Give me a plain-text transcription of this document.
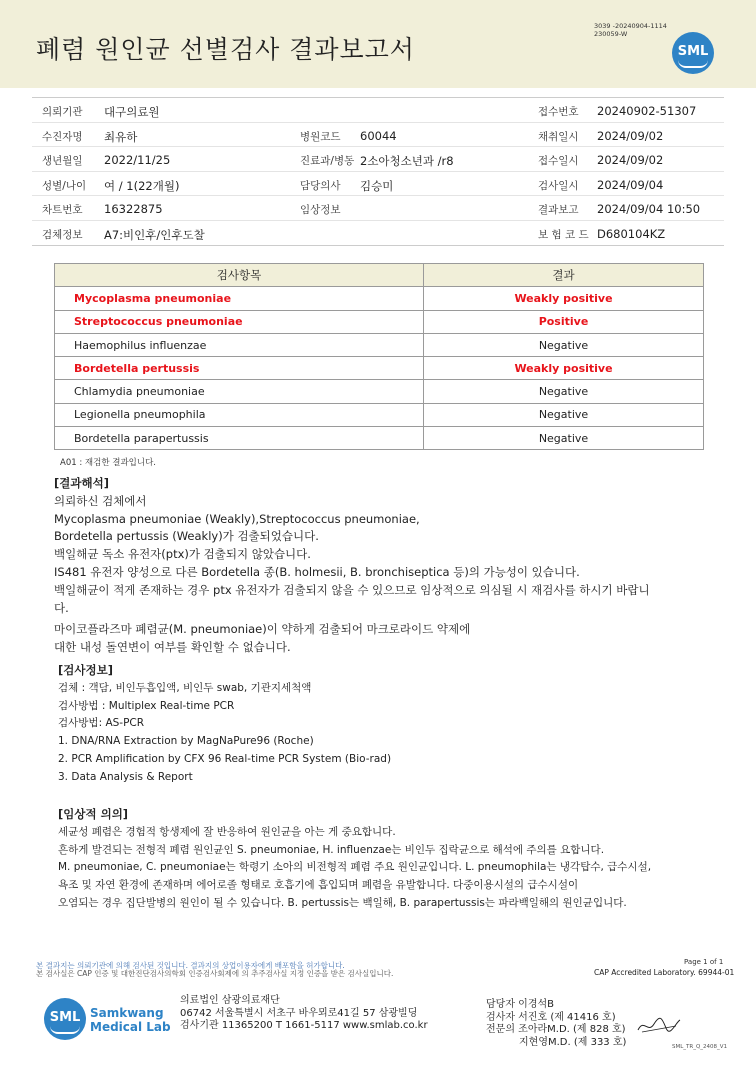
폐렴 원인균 선별검사 결과보고서
3039 -20240904-1114
230059-W
SML
의뢰기관 대구의료원	접수번호 20240902-51307
수진자명 최유하	병원코드 60044	채취일시 2024/09/02
생년월일 2022/11/25	진료과/병동 2소아청소년과 /r8	접수일시 2024/09/02
성별/나이 여 / 1(22개월)	담당의사 김승미	검사일시 2024/09/04
차트번호 16322875	임상정보	결과보고 2024/09/04 10:50
검체정보 A7:비인후/인후도찰	보 험 코 드 D680104KZ
검사항목	결과
Mycoplasma pneumoniae	Weakly positive
Streptococcus pneumoniae	Positive
Haemophilus influenzae	Negative
Bordetella pertussis	Weakly positive
Chlamydia pneumoniae	Negative
Legionella pneumophila	Negative
Bordetella parapertussis	Negative
A01 : 재검한 결과입니다.
[결과해석]
의뢰하신 검체에서
Mycoplasma pneumoniae (Weakly),Streptococcus pneumoniae,
Bordetella pertussis (Weakly)가 검출되었습니다.
백일해균 독소 유전자(ptx)가 검출되지 않았습니다.
IS481 유전자 양성으로 다른 Bordetella 종(B. holmesii, B. bronchiseptica 등)의 가능성이 있습니다.
백일해균이 적게 존재하는 경우 ptx 유전자가 검출되지 않을 수 있으므로 임상적으로 의심될 시 재검사를 하시기 바랍니
다.
마이코플라즈마 폐렴균(M. pneumoniae)이 약하게 검출되어 마크로라이드 약제에
대한 내성 돌연변이 여부를 확인할 수 없습니다.
[검사정보]
검체 : 객담, 비인두흡입액, 비인두 swab, 기관지세척액
검사방법 : Multiplex Real-time PCR
검사방법: AS-PCR
1. DNA/RNA Extraction by MagNaPure96 (Roche)
2. PCR Amplification by CFX 96 Real-time PCR System (Bio-rad)
3. Data Analysis & Report
[임상적 의의]
세균성 폐렴은 경험적 항생제에 잘 반응하여 원인균을 아는 게 중요합니다.
흔하게 발견되는 전형적 폐렴 원인균인 S. pneumoniae, H. influenzae는 비인두 집락균으로 해석에 주의를 요합니다.
M. pneumoniae, C. pneumoniae는 학령기 소아의 비전형적 폐렴 주요 원인균입니다. L. pneumophila는 냉각탑수, 급수시설,
욕조 및 자연 환경에 존재하며 에어로졸 형태로 호흡기에 흡입되며 폐렴을 유발합니다. 다중이용시설의 급수시설이
오염되는 경우 집단발병의 원인이 될 수 있습니다. B. pertussis는 백일해, B. parapertussis는 파라백일해의 원인균입니다.
본 결과지는 의뢰기관에 의해 검사된 것입니다. 결과지의 상업이용자에게 배포함을 허가합니다.
본 검사실은 CAP 인증 및 대한진단검사의학회 인증검사회제에 의 추주검사실 지정 인증을 받은 검사실입니다.
Page 1 of 1
CAP Accredited Laboratory. 69944-01
SML Samkwang
Medical Lab
의료법인 삼광의료재단
06742 서울특별시 서초구 바우뫼로41길 57 삼광빌딩
검사기관 11365200 T 1661-5117 www.smlab.co.kr
담당자 이경석B
검사자 서진호 (제 41416 호)
전문의 조아라M.D. (제 828 호)
지현영M.D. (제 333 호)	SML_TR_Q_2408_V1
